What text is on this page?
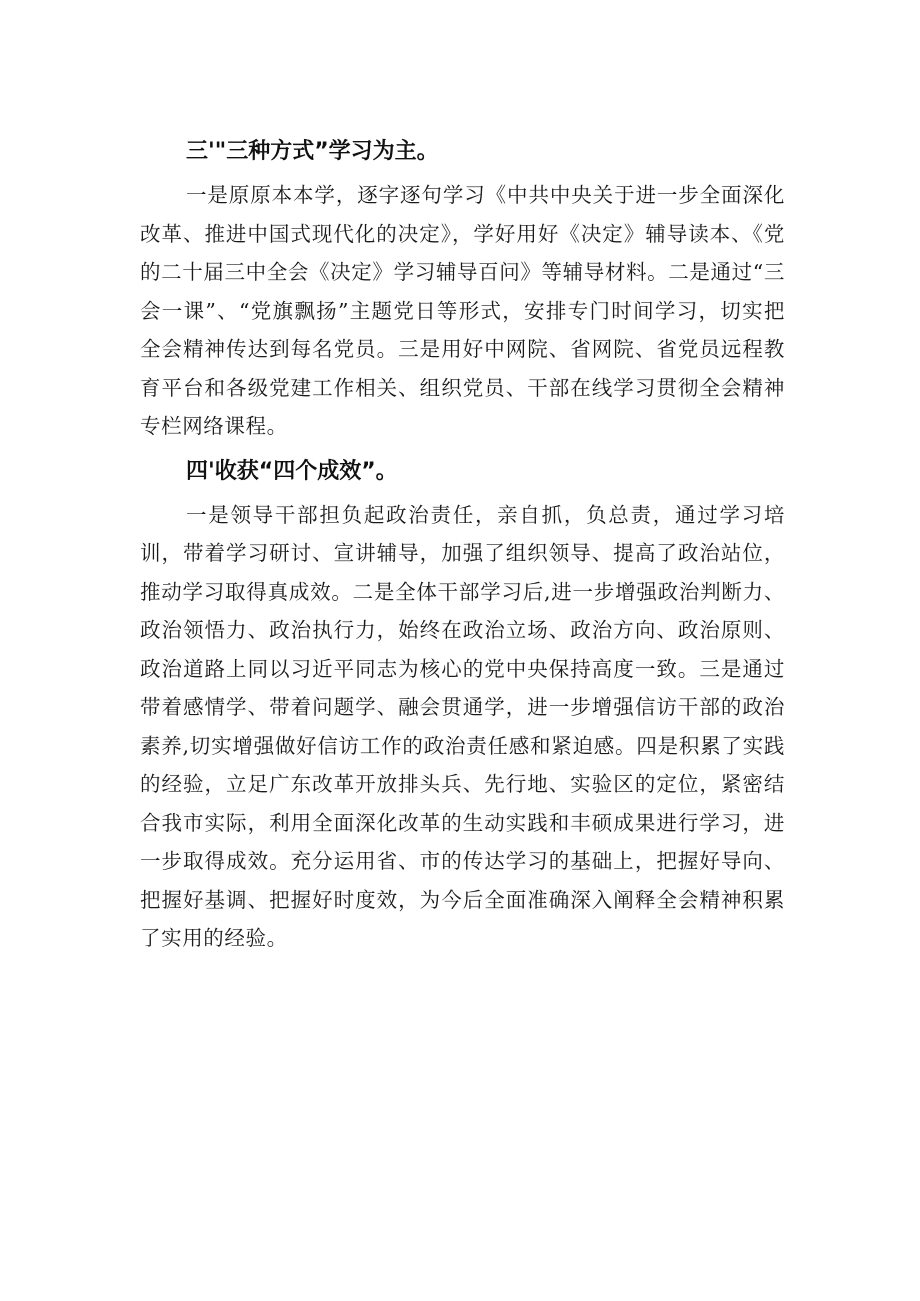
三'"三种方式”学习为主。

一是原原本本学，逐字逐句学习《中共中央关于进一步全面深化改革、推进中国式现代化的决定》，学好用好《决定》辅导读本、《党的二十届三中全会《决定》学习辅导百问》等辅导材料。二是通过“三会一课”、“党旗飘扬”主题党日等形式，安排专门时间学习，切实把全会精神传达到每名党员。三是用好中网院、省网院、省党员远程教育平台和各级党建工作相关、组织党员、干部在线学习贯彻全会精神专栏网络课程。

四'收获“四个成效”。

一是领导干部担负起政治责任，亲自抓，负总责，通过学习培训，带着学习研讨、宣讲辅导，加强了组织领导、提高了政治站位，推动学习取得真成效。二是全体干部学习后,进一步增强政治判断力、政治领悟力、政治执行力，始终在政治立场、政治方向、政治原则、政治道路上同以习近平同志为核心的党中央保持高度一致。三是通过带着感情学、带着问题学、融会贯通学，进一步增强信访干部的政治素养,切实增强做好信访工作的政治责任感和紧迫感。四是积累了实践的经验，立足广东改革开放排头兵、先行地、实验区的定位，紧密结合我市实际，利用全面深化改革的生动实践和丰硕成果进行学习，进一步取得成效。充分运用省、市的传达学习的基础上，把握好导向、把握好基调、把握好时度效，为今后全面准确深入阐释全会精神积累了实用的经验。
